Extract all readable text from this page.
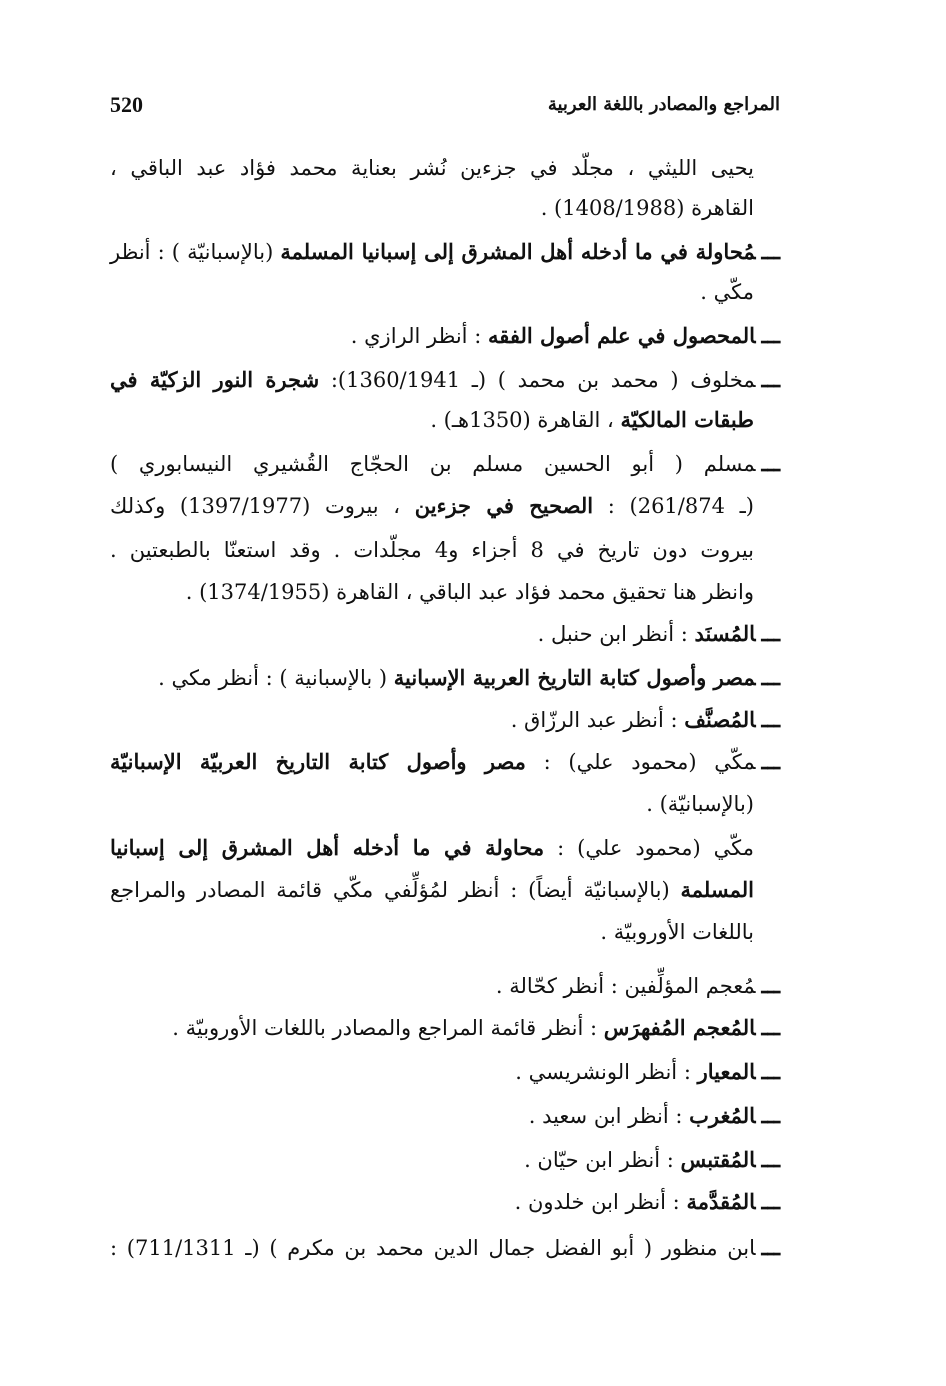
520	المراجع والمصادر باللغة العربية
يحيى الليثي ، مجلّد في جزءين نُشر بعناية محمد فؤاد عبد الباقي ،
القاهرة (1408/1988) .
ـــمُحاولة في ما أدخله أهل المشرق إلى إسبانيا المسلمة (بالإسبانيّة ) : أنظر
مكّي .
ـــالمحصول في علم أصول الفقه : أنظر الرازي .
ـــمخلوف ( محمد بن محمد ) (ـ 1360/1941): شجرة النور الزكيّة في
طبقات المالكيّة ، القاهرة (1350هـ) .
ـــمسلم ( أبو الحسين مسلم بن الحجّاج القُشيري النيسابوري )
(ـ 261/874) : الصحيح في جزءين ، بيروت (1397/1977) وكذلك
بيروت دون تاريخ في 8 أجزاء و4 مجلّدات . وقد استعنّا بالطبعتين .
وانظر هنا تحقيق محمد فؤاد عبد الباقي ، القاهرة (1374/1955) .
ـــالمُسنَد : أنظر ابن حنبل .
ـــمصر وأصول كتابة التاريخ العربية الإسبانية ( بالإسبانية ) : أنظر مكي .
ـــالمُصنَّف : أنظر عبد الرزّاق .
ـــمكّي (محمود علي) : مصر وأصول كتابة التاريخ العربيّة الإسبانيّة
(بالإسبانيّة) .
مكّي (محمود علي) : محاولة في ما أدخله أهل المشرق إلى إسبانيا
المسلمة (بالإسبانيّة أيضاً) : أنظر لمُؤلِّفي مكّي قائمة المصادر والمراجع
باللغات الأوروبيّة .
ـــمُعجم المؤلِّفين : أنظر كحّالة .
ـــالمُعجم المُفهرَس : أنظر قائمة المراجع والمصادر باللغات الأوروبيّة .
ـــالمعيار : أنظر الونشريسي .
ـــالمُغرب : أنظر ابن سعيد .
ـــالمُقتبس : أنظر ابن حيّان .
ـــالمُقدَّمة : أنظر ابن خلدون .
ـــابن منظور ( أبو الفضل جمال الدين محمد بن مكرم ) (ـ 711/1311) :
